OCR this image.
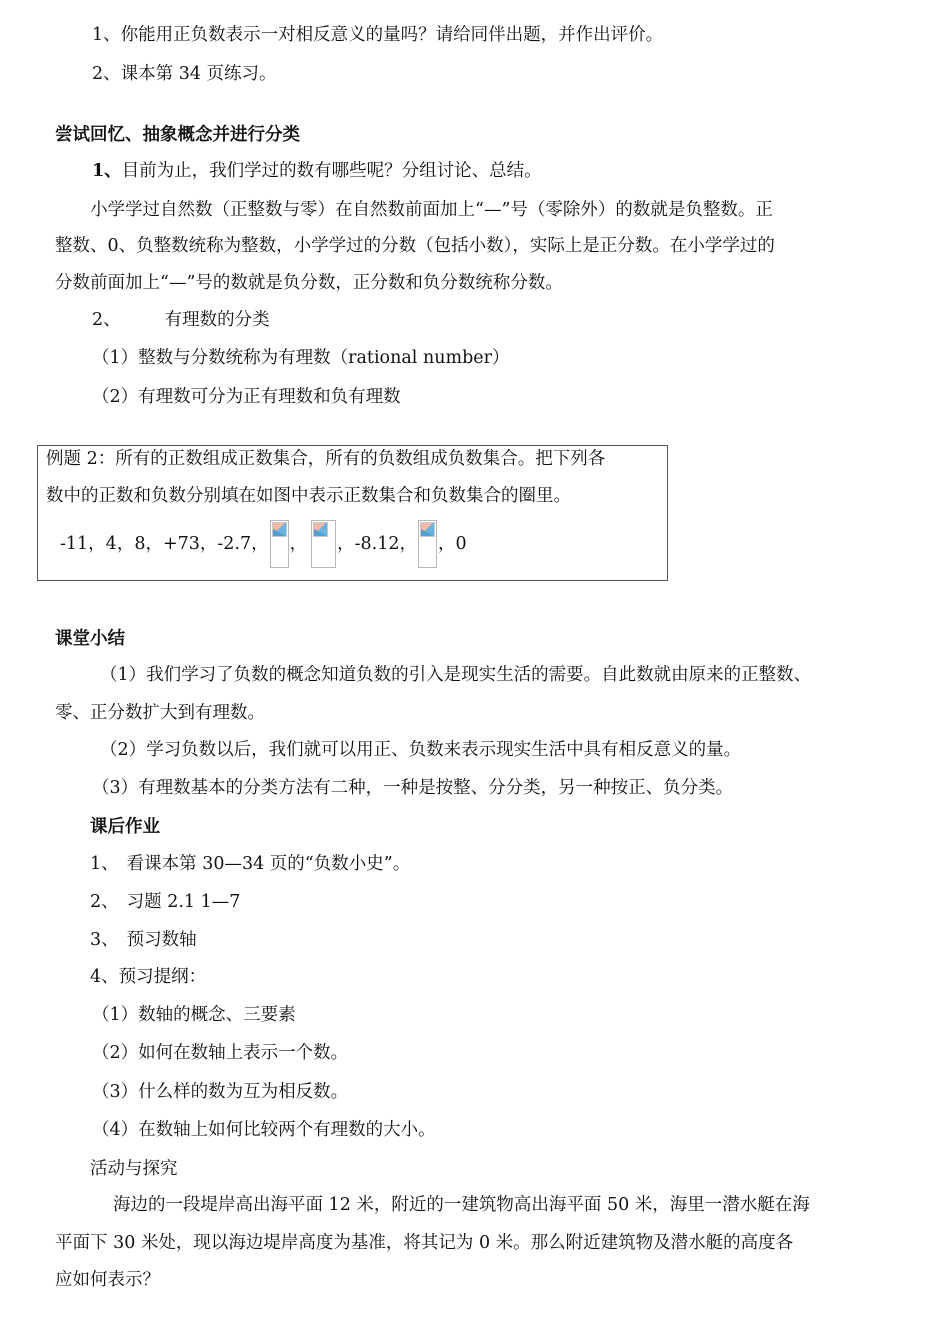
1、你能用正负数表示一对相反意义的量吗？请给同伴出题，并作出评价。
2、课本第 34 页练习。
尝试回忆、抽象概念并进行分类
1、目前为止，我们学过的数有哪些呢？分组讨论、总结。
小学学过自然数（正整数与零）在自然数前面加上“—”号（零除外）的数就是负整数。正
整数、0、负整数统称为整数，小学学过的分数（包括小数），实际上是正分数。在小学学过的
分数前面加上“—”号的数就是负分数，正分数和负分数统称分数。
2、	有理数的分类
（1）整数与分数统称为有理数（rational number）
（2）有理数可分为正有理数和负有理数
例题 2：所有的正数组成正数集合，所有的负数组成负数集合。把下列各
数中的正数和负数分别填在如图中表示正数集合和负数集合的圈里。
-11，4，8，+73，-2.7， ， ，-8.12， ，0
课堂小结
（1）我们学习了负数的概念知道负数的引入是现实生活的需要。自此数就由原来的正整数、
零、正分数扩大到有理数。
（2）学习负数以后，我们就可以用正、负数来表示现实生活中具有相反意义的量。
（3）有理数基本的分类方法有二种，一种是按整、分分类，另一种按正、负分类。
课后作业
1、 看课本第 30—34 页的“负数小史”。
2、 习题 2.1 1—7
3、 预习数轴
4、预习提纲：
（1）数轴的概念、三要素
（2）如何在数轴上表示一个数。
（3）什么样的数为互为相反数。
（4）在数轴上如何比较两个有理数的大小。
活动与探究
海边的一段堤岸高出海平面 12 米，附近的一建筑物高出海平面 50 米，海里一潜水艇在海
平面下 30 米处，现以海边堤岸高度为基准，将其记为 0 米。那么附近建筑物及潜水艇的高度各
应如何表示？
